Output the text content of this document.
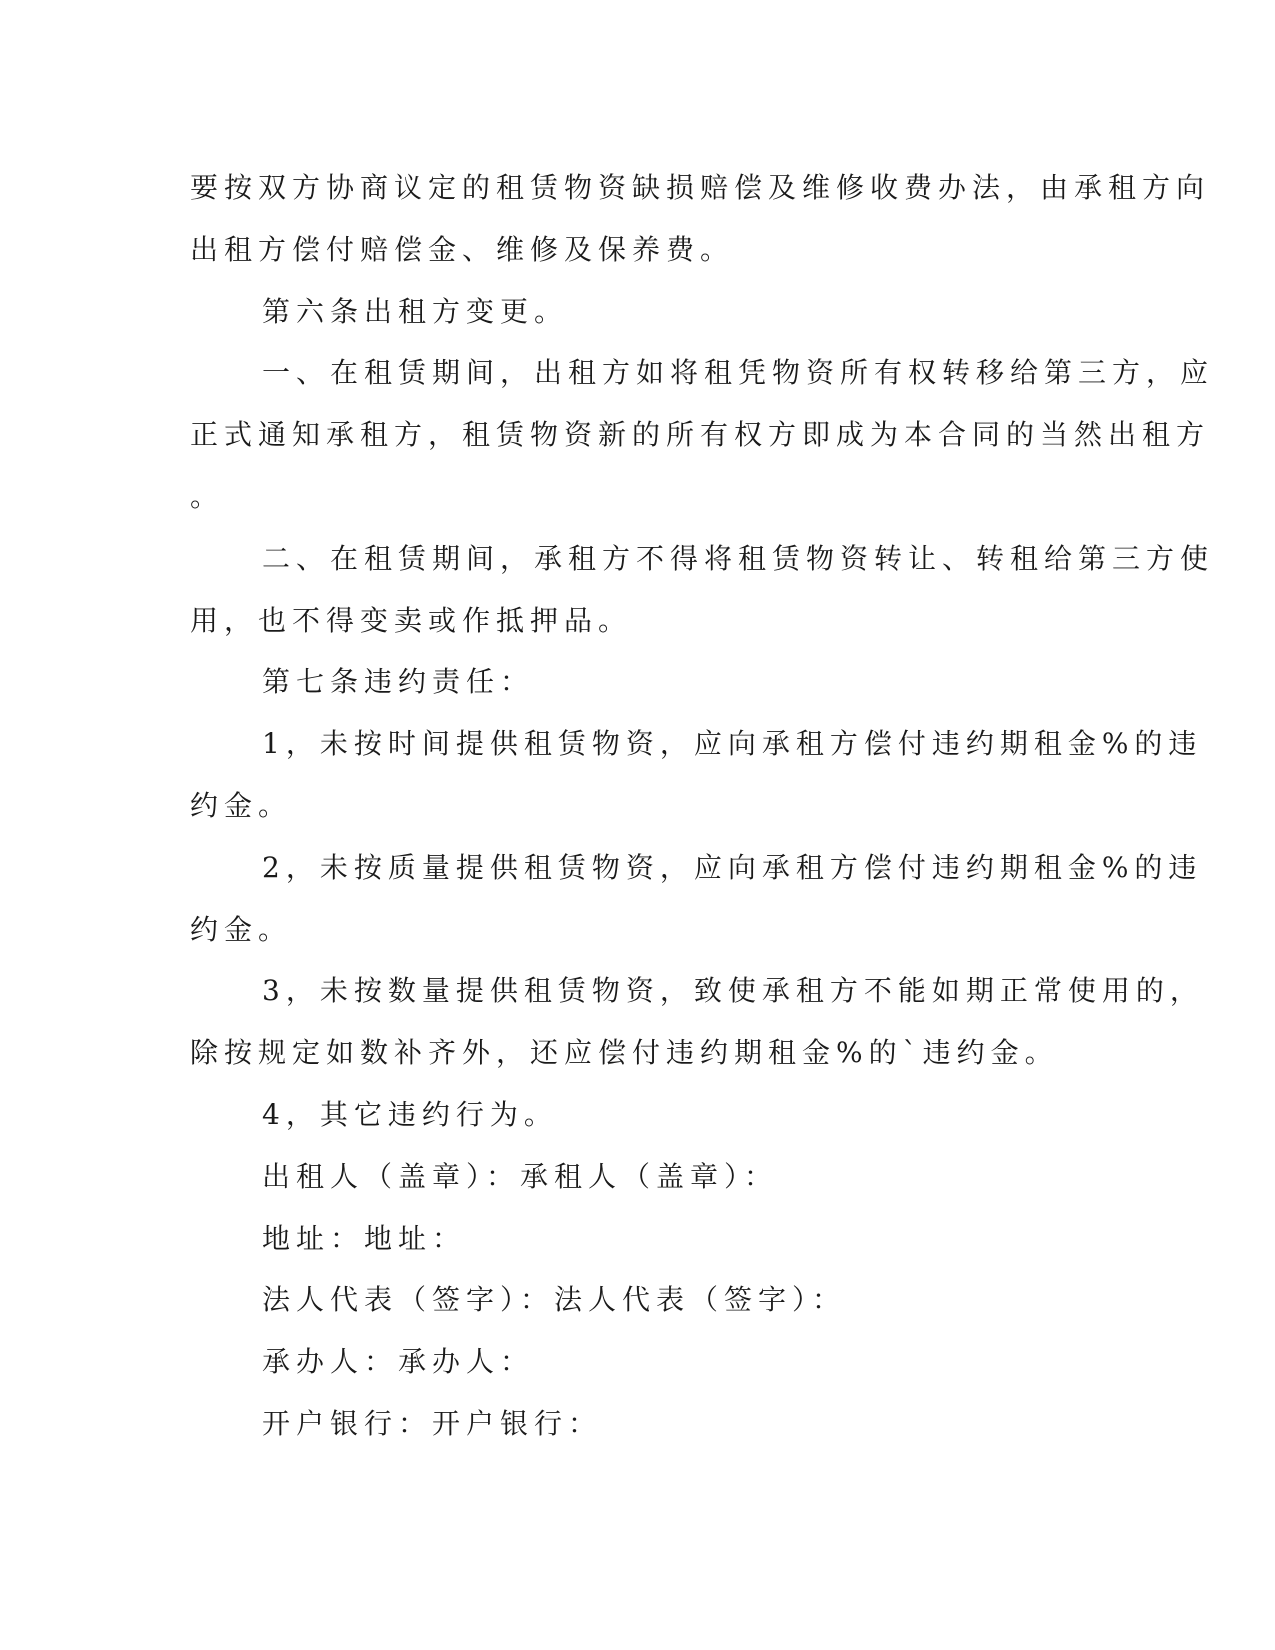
要按双方协商议定的租赁物资缺损赔偿及维修收费办法，由承租方向

出租方偿付赔偿金、维修及保养费。

第六条出租方变更。

一、在租赁期间，出租方如将租凭物资所有权转移给第三方，应

正式通知承租方，租赁物资新的所有权方即成为本合同的当然出租方

。

二、在租赁期间，承租方不得将租赁物资转让、转租给第三方使

用，也不得变卖或作抵押品。

第七条违约责任：

1，未按时间提供租赁物资，应向承租方偿付违约期租金%的违

约金。

2，未按质量提供租赁物资，应向承租方偿付违约期租金%的违

约金。

3，未按数量提供租赁物资，致使承租方不能如期正常使用的，

除按规定如数补齐外，还应偿付违约期租金%的`违约金。

4，其它违约行为。

出租人（盖章）：承租人（盖章）：

地址：地址：

法人代表（签字）：法人代表（签字）：

承办人：承办人：

开户银行：开户银行：
